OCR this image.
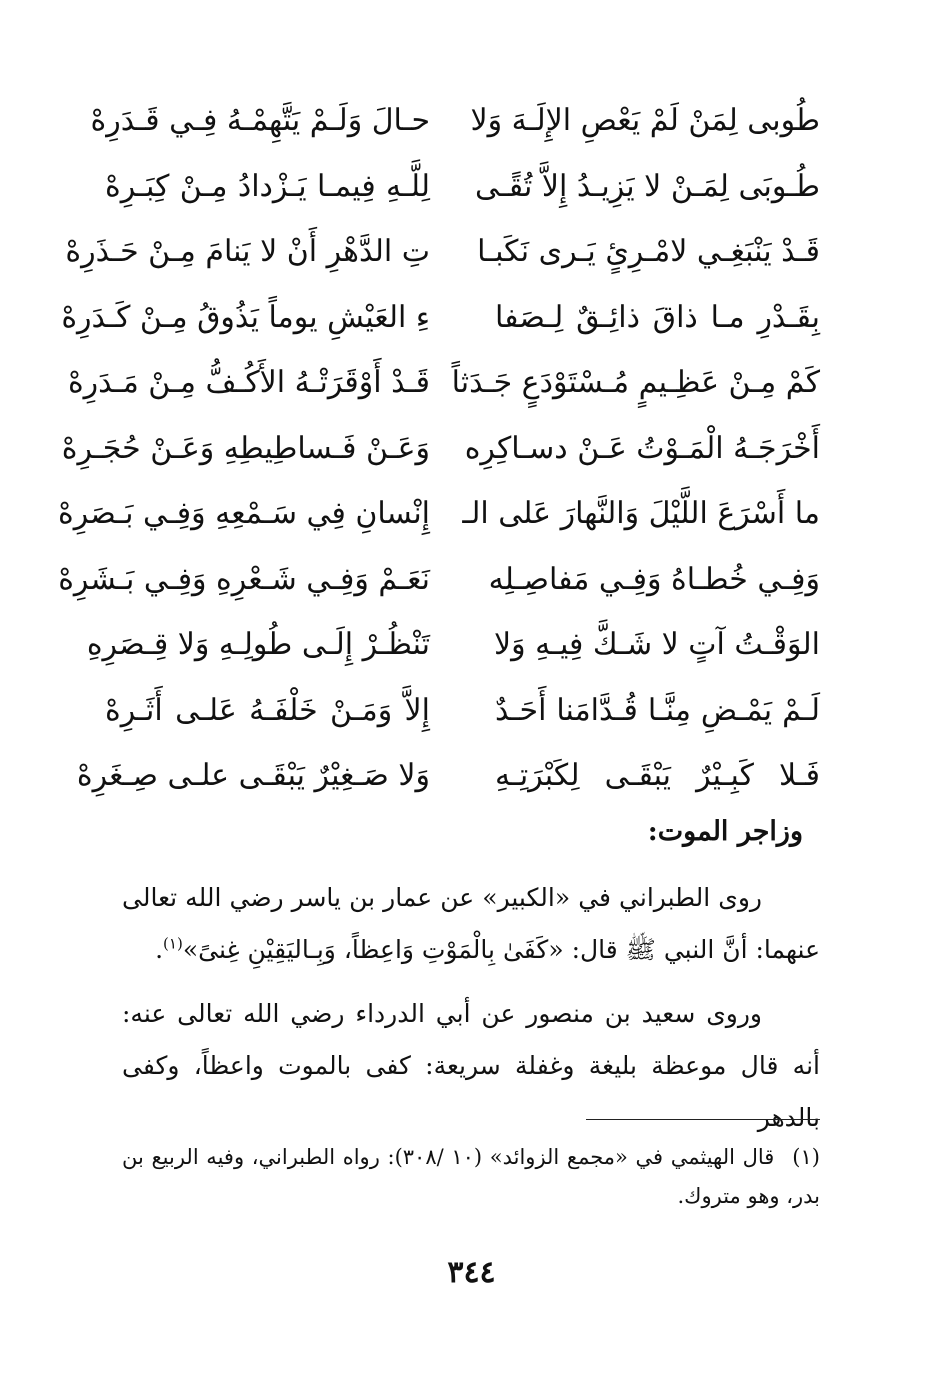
طُوبى لِمَنْ لَمْ يَعْصِ الإِلَـهَ وَلا
حـالَ وَلَـمْ يَتَّهِمْـهُ فِـي قَـدَرِهْ
طُـوبَى لِمَـنْ لا يَزِيـدُ إِلاَّ تُقًـى
لِلَّـهِ فِيمـا يَـزْدادُ مِـنْ كِبَـرِهْ
قَـدْ يَنْبَغِـي لامْـرِئٍ يَـرى نَكَبـا
تِ الدَّهْرِ أَنْ لا يَنامَ مِـنْ حَـذَرِهْ
بِقَـدْرِ مـا ذاقَ ذائِـقٌ لِـصَفا
ءِ العَيْشِ يوماً يَذُوقُ مِـنْ كَـدَرِهْ
كَمْ مِـنْ عَظِـيمٍ مُـسْتَوْدَعٍ جَـدَثاً
قَـدْ أَوْقَرَتْـهُ الأَكُـفُّ مِـنْ مَـدَرِهْ
أَخْرَجَـهُ الْمَـوْتُ عَـنْ دسـاكِرِه
وَعَـنْ فَـساطِيطِهِ وَعَـنْ حُجَـرِهْ
ما أَسْرَعَ اللَّيْلَ وَالنَّهارَ عَلى الـ
إِنْسانِ فِي سَـمْعِهِ وَفِـي بَـصَرِهْ
وَفِـي خُطـاهُ وَفِـي مَفاصِـلِه
نَعَـمْ وَفِـي شَـعْرِهِ وَفِـي بَـشَرِهْ
الوَقْـتُ آتٍ لا شَـكَّ فِيـهِ وَلا
تَنْظُـرْ إِلَـى طُولِـهِ وَلا قِـصَرِهِ
لَـمْ يَمْـضِ مِنَّـا قُـدَّامَنا أَحَـدٌ
إِلاَّ وَمَـنْ خَلْفَـهُ عَلـى أَثَـرِهْ
فَـلا كَبِـيْرٌ يَبْقَـى لِكَبْرَتِـهِ
وَلا صَـغِيْرٌ يَبْقَـى علـى صِـغَرِهْ
وزاجر الموت:

روى الطبراني في «الكبير» عن عمار بن ياسر رضي الله تعالى عنهما: أنَّ النبي ﷺ قال: «كَفَىٰ بِالْمَوْتِ وَاعِظاً، وَبِـاليَقِيْنِ غِنىً»$^{(١)}$.

وروى سعيد بن منصور عن أبي الدرداء رضي الله تعالى عنه: أنه قال موعظة بليغة وغفلة سريعة: كفى بالموت واعظاً، وكفى بالدهر

(١)قال الهيثمي في «مجمع الزوائد» (١٠ /٣٠٨): رواه الطبراني، وفيه الربيع بن بدر، وهو متروك.

٣٤٤
